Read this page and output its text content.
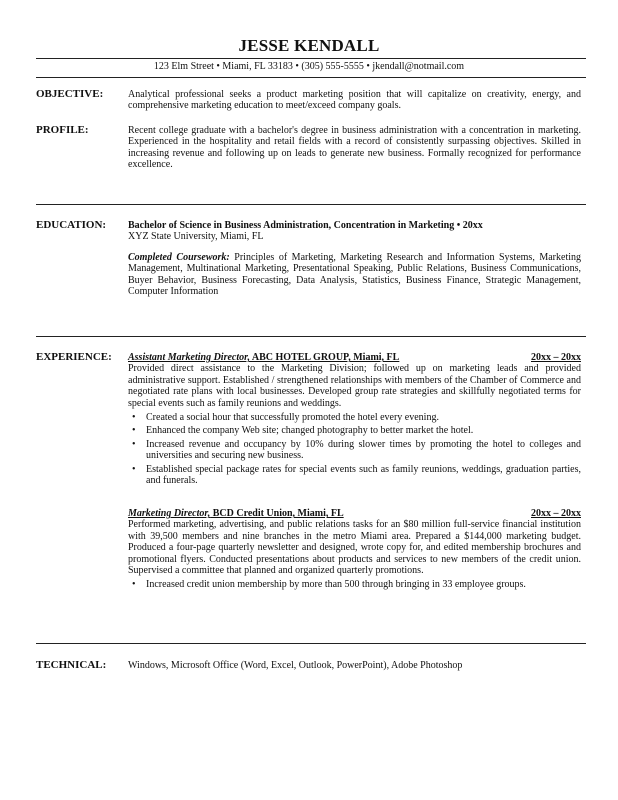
JESSE KENDALL
123 Elm Street • Miami, FL 33183 • (305) 555-5555 • jkendall@notmail.com
OBJECTIVE: Analytical professional seeks a product marketing position that will capitalize on creativity, energy, and comprehensive marketing education to meet/exceed company goals.

PROFILE:	Recent college graduate with a bachelor's degree in business administration with a concentration in marketing. Experienced in the hospitality and retail fields with a record of consistently surpassing objectives. Skilled in increasing revenue and following up on leads to generate new business. Formally recognized for performance excellence.

EDUCATION: Bachelor of Science in Business Administration, Concentration in Marketing • 20xx

XYZ State University, Miami, FL

Completed Coursework: Principles of Marketing, Marketing Research and Information Systems, Marketing Management, Multinational Marketing, Presentational Speaking, Public Relations, Business Communications, Buyer Behavior, Business Forecasting, Data Analysis, Statistics, Business Finance, Strategic Management, Computer Information

EXPERIENCE: Assistant Marketing Director, ABC HOTEL GROUP, Miami, FL	20xx – 20xx

Provided direct assistance to the Marketing Division; followed up on marketing leads and provided administrative support. Established / strengthened relationships with members of the Chamber of Commerce and negotiated rate plans with local businesses. Developed group rate strategies and skillfully negotiated terms for special events such as family reunions and weddings.

• Created a social hour that successfully promoted the hotel every evening.
• Enhanced the company Web site; changed photography to better market the hotel.
• Increased revenue and occupancy by 10% during slower times by promoting the hotel to colleges and universities and securing new business.
• Established special package rates for special events such as family reunions, weddings, graduation parties, and funerals.
Marketing Director, BCD Credit Union, Miami, FL	20xx – 20xx

Performed marketing, advertising, and public relations tasks for an $80 million full-service financial institution with 39,500 members and nine branches in the metro Miami area. Prepared a $144,000 marketing budget. Produced a four-page quarterly newsletter and designed, wrote copy for, and edited membership brochures and promotional flyers. Conducted presentations about products and services to new members of the credit union. Supervised a committee that planned and organized quarterly promotions.

• Increased credit union membership by more than 500 through bringing in 33 employee groups.
TECHNICAL: Windows, Microsoft Office (Word, Excel, Outlook, PowerPoint), Adobe Photoshop
